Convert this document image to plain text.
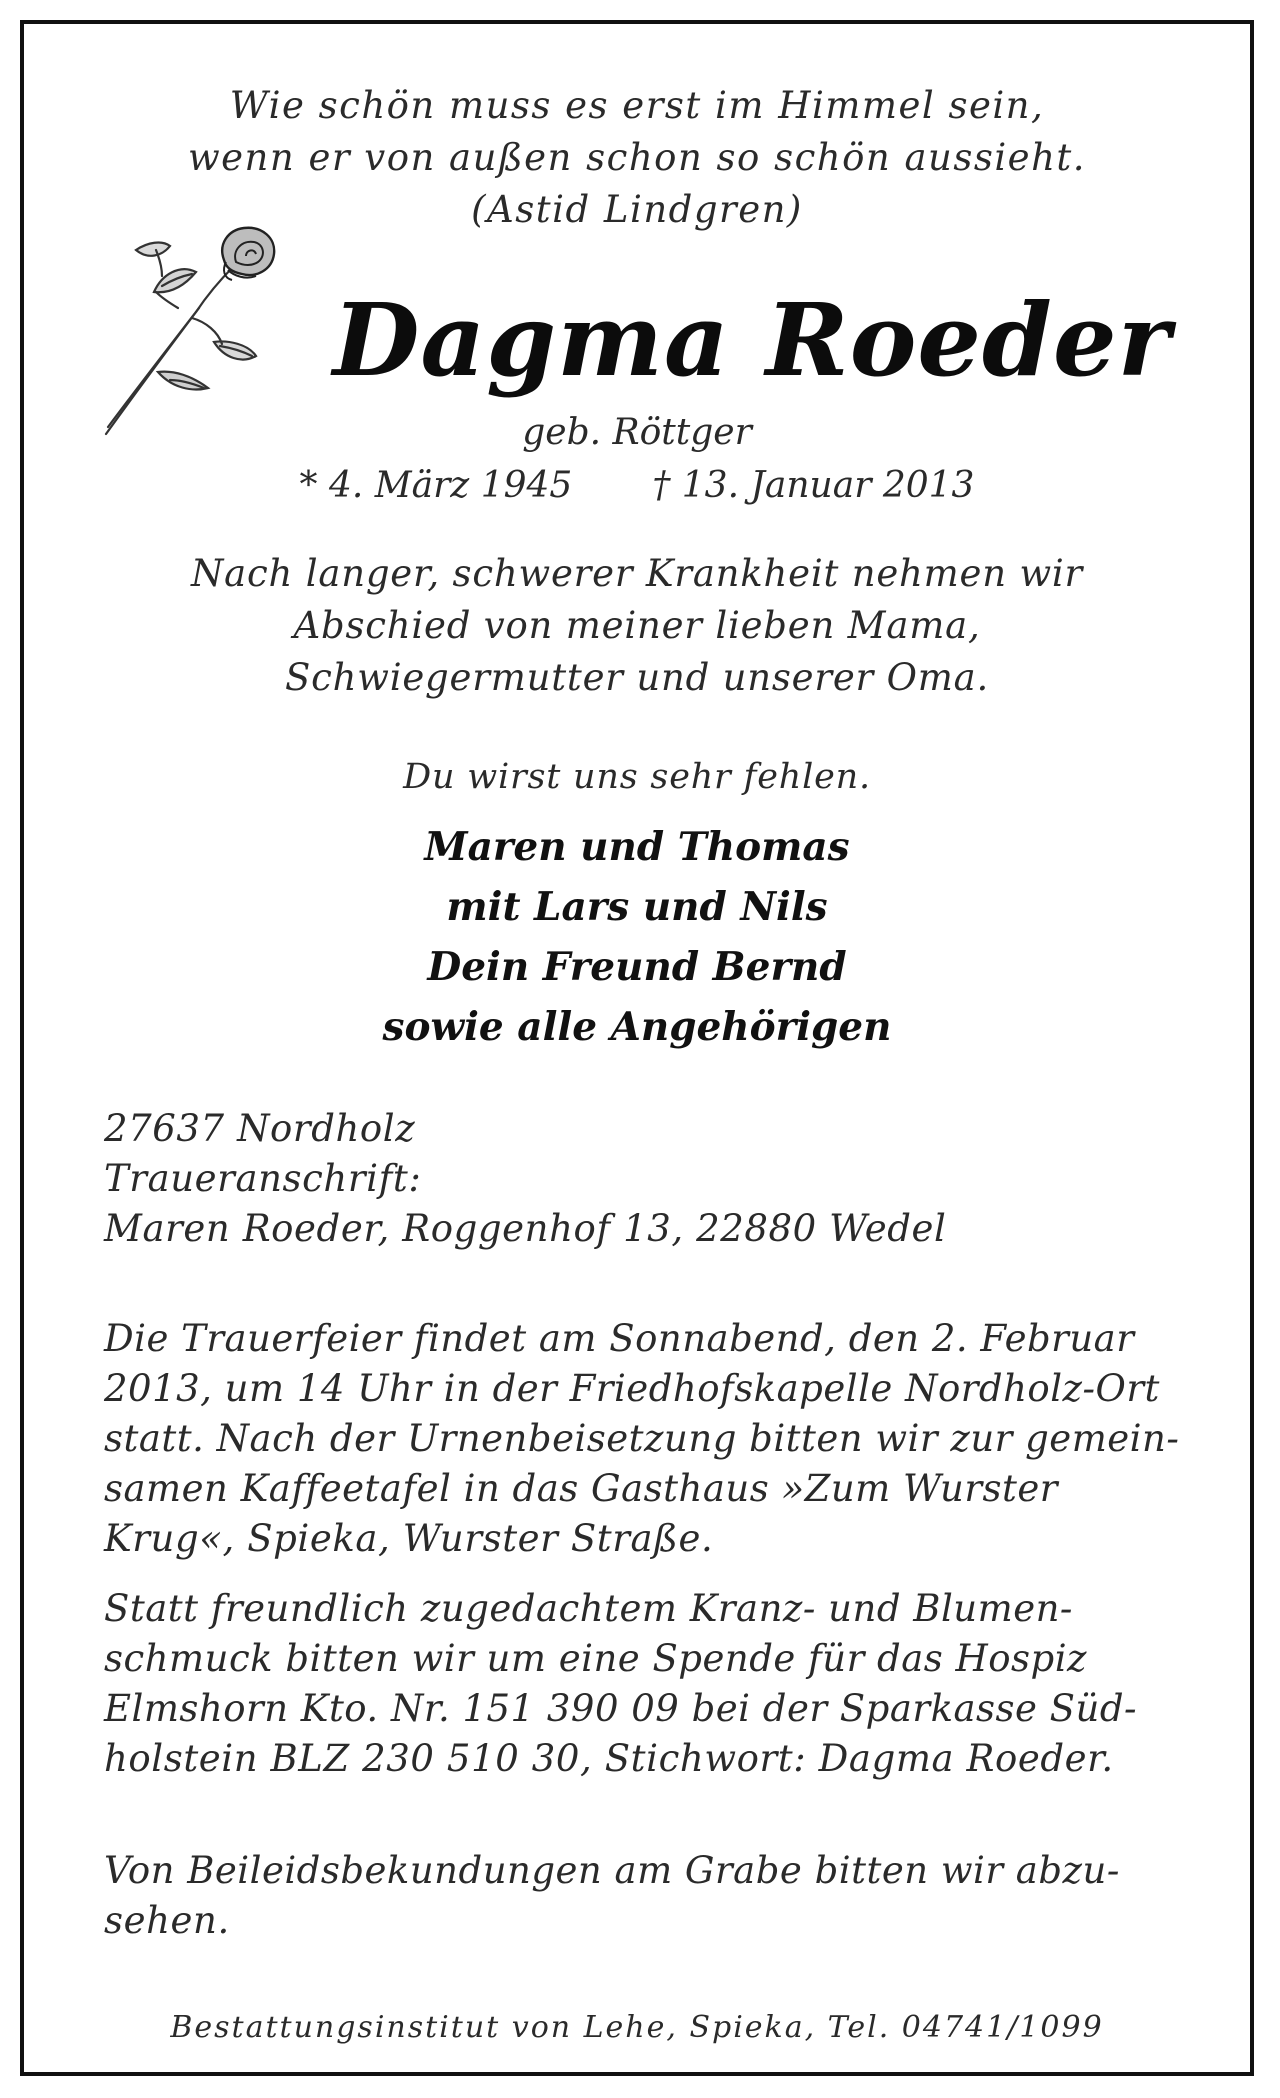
Wie schön muss es erst im Himmel sein,
wenn er von außen schon so schön aussieht.
(Astid Lindgren)
Dagma Roeder
geb. Röttger
* 4. März 1945 † 13. Januar 2013
Nach langer, schwerer Krankheit nehmen wir
Abschied von meiner lieben Mama,
Schwiegermutter und unserer Oma.
Du wirst uns sehr fehlen.
Maren und Thomas
mit Lars und Nils
Dein Freund Bernd
sowie alle Angehörigen
27637 Nordholz
Traueranschrift:
Maren Roeder, Roggenhof 13, 22880 Wedel
Die Trauerfeier findet am Sonnabend, den 2. Februar
2013, um 14 Uhr in der Friedhofskapelle Nordholz-Ort
statt. Nach der Urnenbeisetzung bitten wir zur gemein-
samen Kaffeetafel in das Gasthaus »Zum Wurster
Krug«, Spieka, Wurster Straße.
Statt freundlich zugedachtem Kranz- und Blumen-
schmuck bitten wir um eine Spende für das Hospiz
Elmshorn Kto. Nr. 151 390 09 bei der Sparkasse Süd-
holstein BLZ 230 510 30, Stichwort: Dagma Roeder.
Von Beileidsbekundungen am Grabe bitten wir abzu-
sehen.
Bestattungsinstitut von Lehe, Spieka, Tel. 04741/1099
